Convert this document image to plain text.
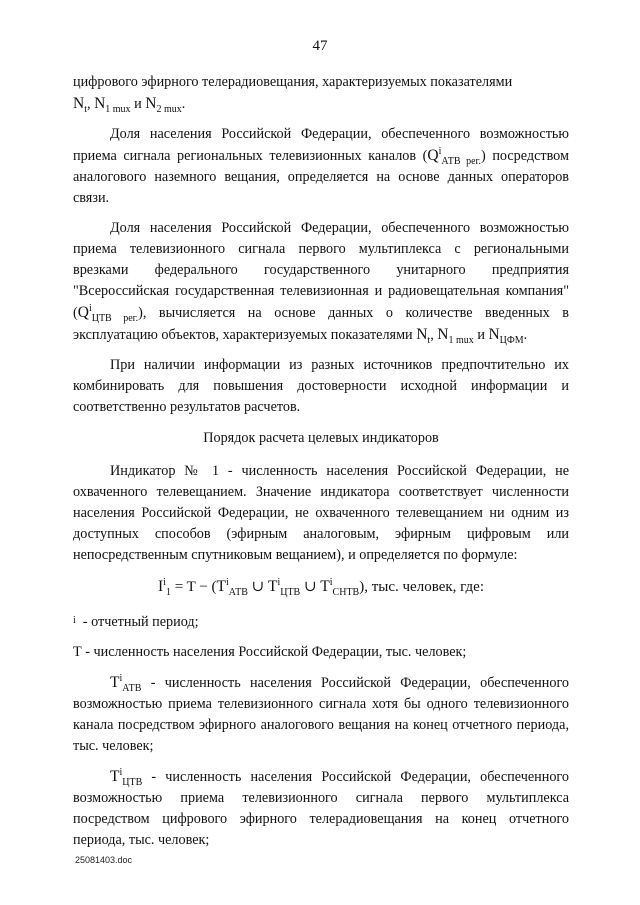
47
цифрового эфирного телерадиовещания, характеризуемых показателями
$N_t$, $N_{1 mux}$ и $N_{2 mux}$.
Доля населения Российской Федерации, обеспеченного возможностью приема сигнала региональных телевизионных каналов $(Q^i_{АТВ рег.})$ посредством аналогового наземного вещания, определяется на основе данных операторов связи.
Доля населения Российской Федерации, обеспеченного возможностью приема телевизионного сигнала первого мультиплекса с региональными врезками федерального государственного унитарного предприятия "Всероссийская государственная телевизионная и радиовещательная компания" $(Q^i_{ЦТВ рег.})$, вычисляется на основе данных о количестве введенных в эксплуатацию объектов, характеризуемых показателями $N_t$, $N_{1 mux}$ и $N_{ЦФМ}$.
При наличии информации из разных источников предпочтительно их комбинировать для повышения достоверности исходной информации и соответственно результатов расчетов.
Порядок расчета целевых индикаторов
Индикатор № 1 - численность населения Российской Федерации, не охваченного телевещанием. Значение индикатора соответствует численности населения Российской Федерации, не охваченного телевещанием ни одним из доступных способов (эфирным аналоговым, эфирным цифровым или непосредственным спутниковым вещанием), и определяется по формуле:
$I^i_1 = T - (T^i_{АТВ}$ ∪ $T^i_{ЦТВ}$ ∪ $T^i_{СНТВ}$), тыс. человек, где:
$^i$ - отчетный период;
Т - численность населения Российской Федерации, тыс. человек;
$T^i_{АТВ}$ - численность населения Российской Федерации, обеспеченного возможностью приема телевизионного сигнала хотя бы одного телевизионного канала посредством эфирного аналогового вещания на конец отчетного периода, тыс. человек;
$T^i_{ЦТВ}$ - численность населения Российской Федерации, обеспеченного возможностью приема телевизионного сигнала первого мультиплекса посредством цифрового эфирного телерадиовещания на конец отчетного периода, тыс. человек;
25081403.doc
